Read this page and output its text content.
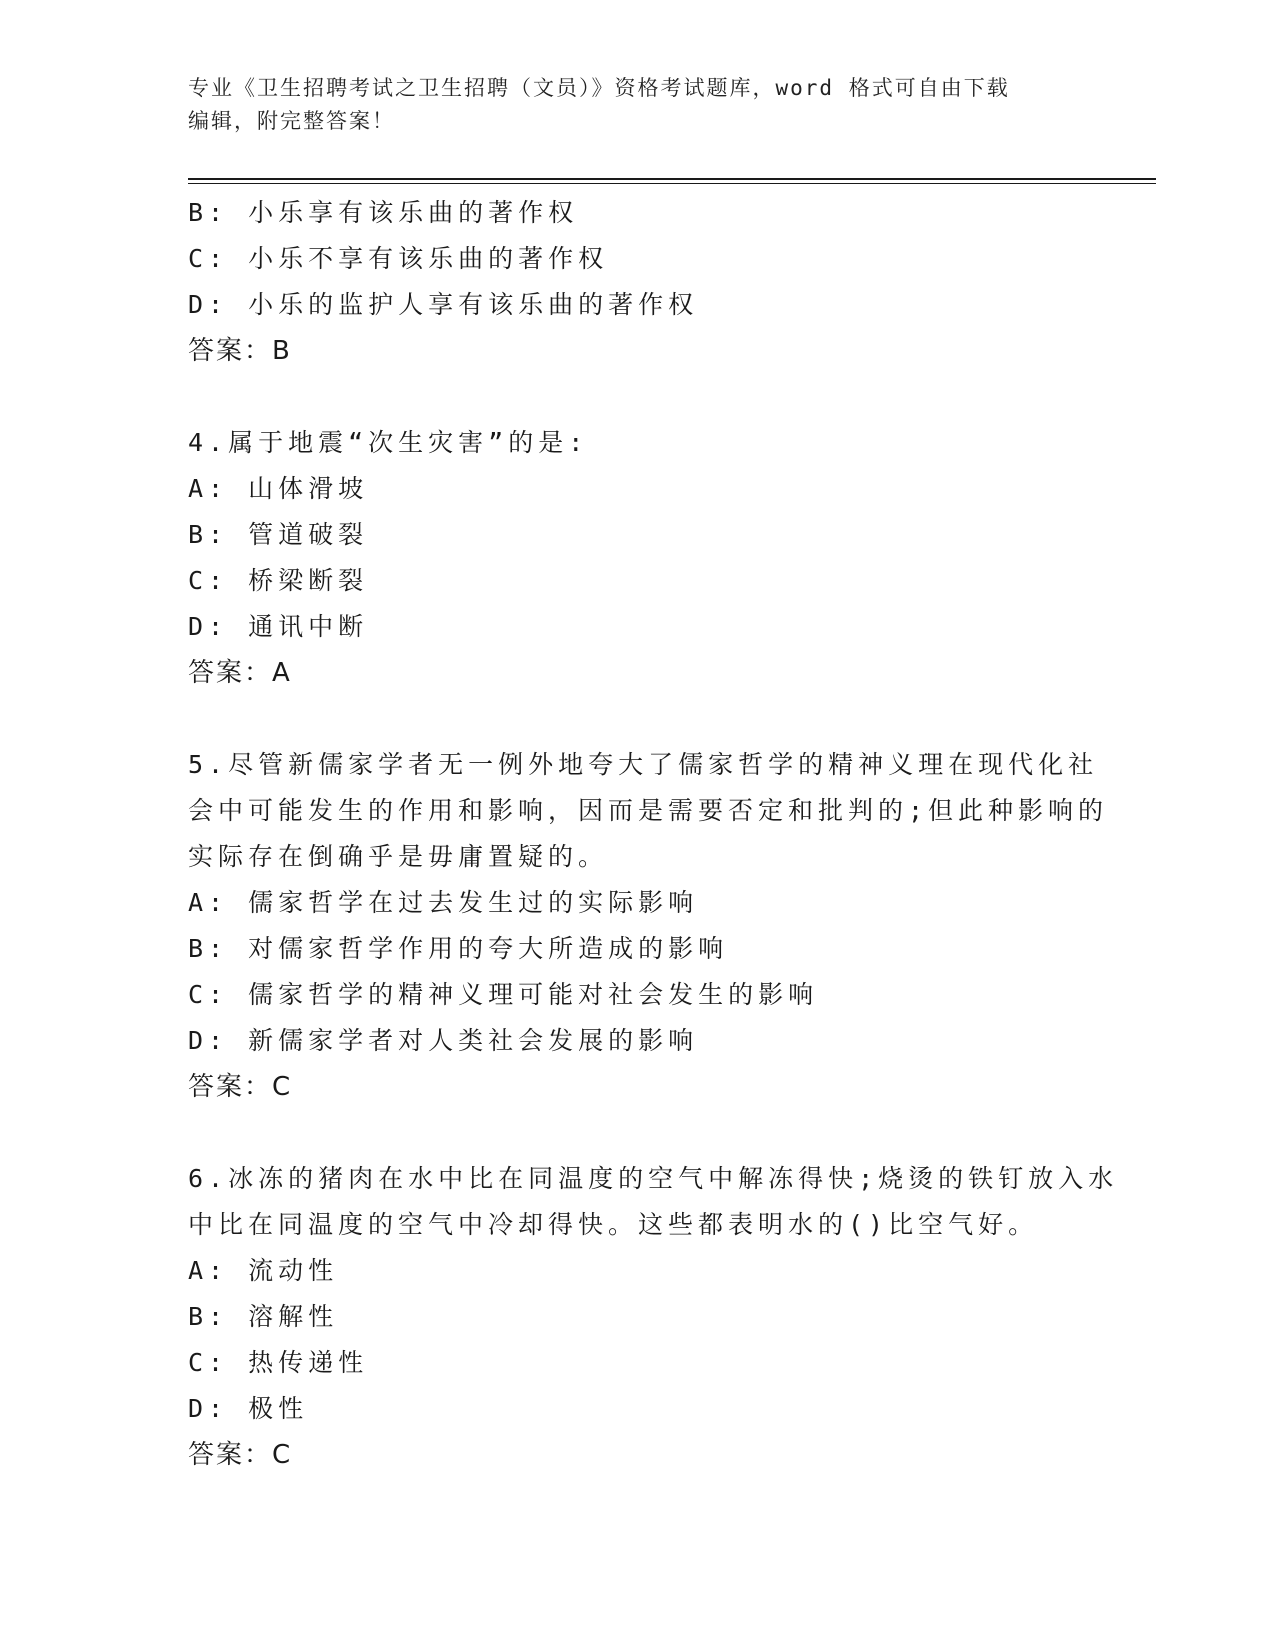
专业《卫生招聘考试之卫生招聘（文员）》资格考试题库，word 格式可自由下载
编辑，附完整答案！
B: 小乐享有该乐曲的著作权
C: 小乐不享有该乐曲的著作权
D: 小乐的监护人享有该乐曲的著作权
答案：B
4.属于地震“次生灾害”的是:
A: 山体滑坡
B: 管道破裂
C: 桥梁断裂
D: 通讯中断
答案：A
5.尽管新儒家学者无一例外地夸大了儒家哲学的精神义理在现代化社
会中可能发生的作用和影响，因而是需要否定和批判的;但此种影响的
实际存在倒确乎是毋庸置疑的。
A: 儒家哲学在过去发生过的实际影响
B: 对儒家哲学作用的夸大所造成的影响
C: 儒家哲学的精神义理可能对社会发生的影响
D: 新儒家学者对人类社会发展的影响
答案：C
6.冰冻的猪肉在水中比在同温度的空气中解冻得快;烧烫的铁钉放入水
中比在同温度的空气中冷却得快。这些都表明水的()比空气好。
A: 流动性
B: 溶解性
C: 热传递性
D: 极性
答案：C
